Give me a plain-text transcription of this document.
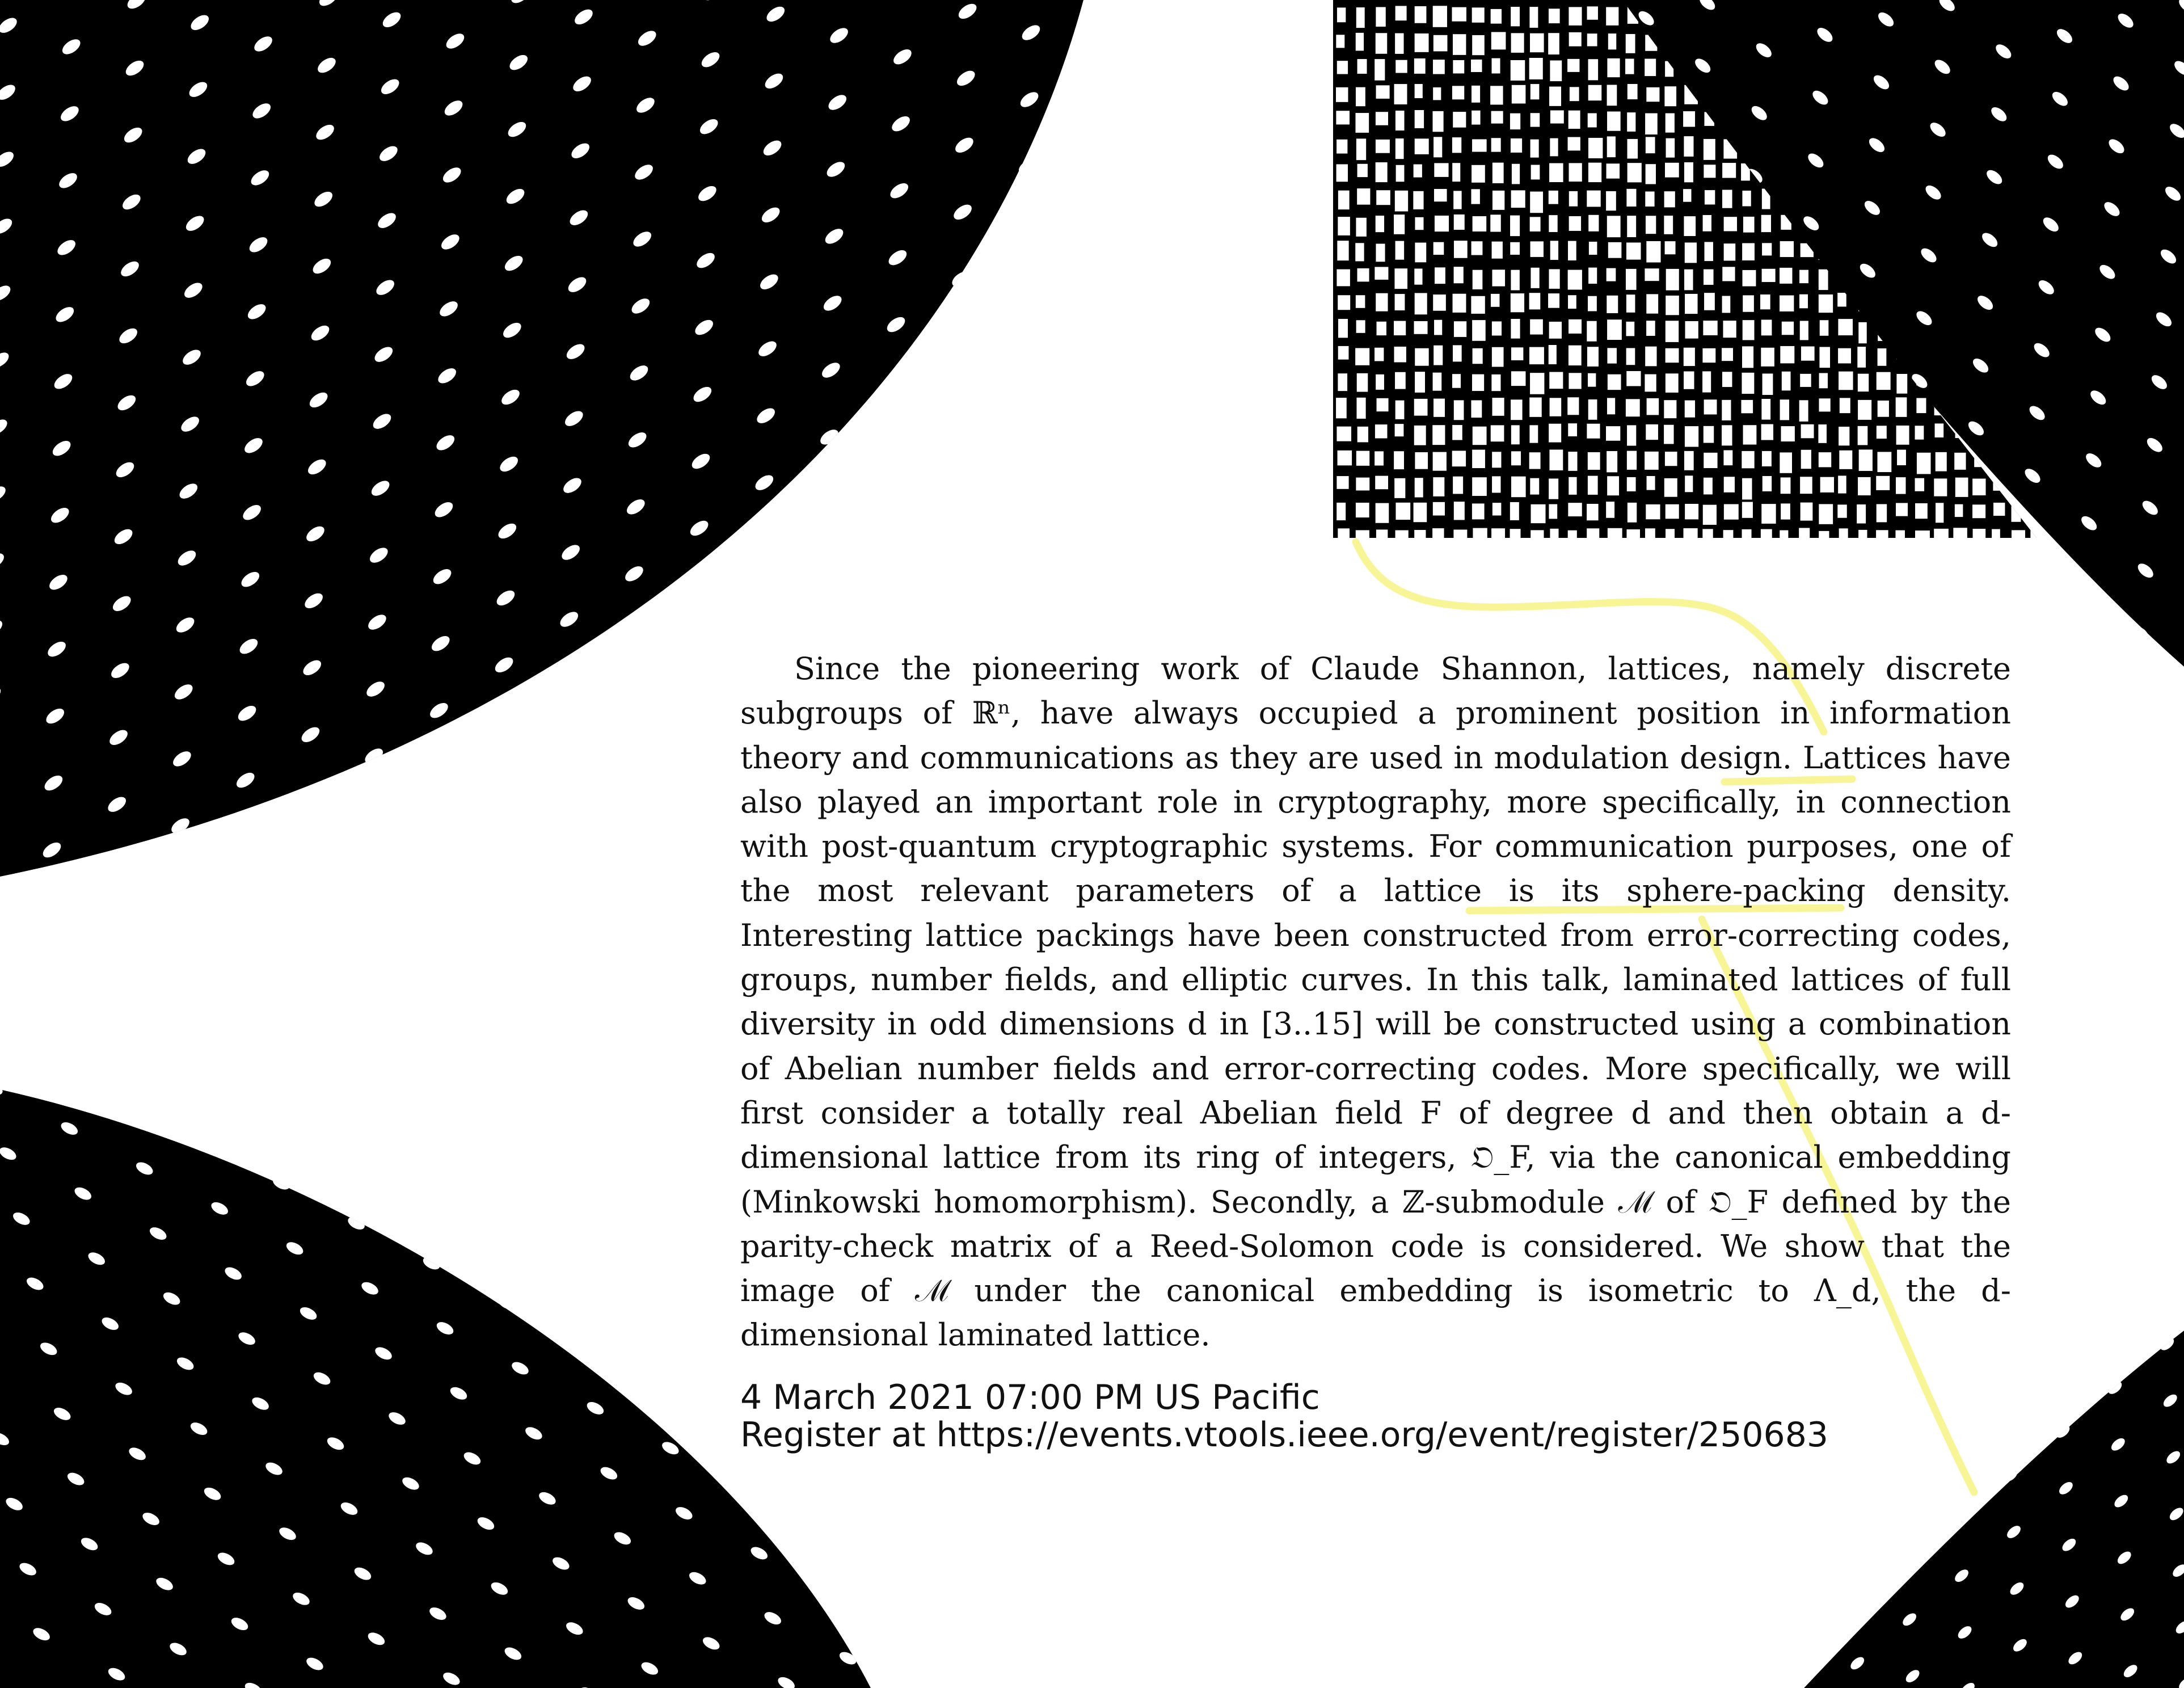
Since the pioneering work of Claude Shannon, lattices, namely discrete subgroups of ℝⁿ, have always occupied a prominent position in information theory and communications as they are used in modulation design. Lattices have also played an important role in cryptography, more specifically, in connection with post-quantum cryptographic systems. For communication purposes, one of the most relevant parameters of a lattice is its sphere-packing density. Interesting lattice packings have been constructed from error-correcting codes, groups, number fields, and elliptic curves. In this talk, laminated lattices of full diversity in odd dimensions d in [3..15] will be constructed using a combination of Abelian number fields and error-correcting codes. More specifically, we will first consider a totally real Abelian field F of degree d and then obtain a d-dimensional lattice from its ring of integers, 𝔒_F, via the canonical embedding (Minkowski homomorphism). Secondly, a ℤ-submodule ℳ of 𝔒_F defined by the parity-check matrix of a Reed-Solomon code is considered. We show that the image of ℳ under the canonical embedding is isometric to Λ_d, the d-dimensional laminated lattice.

4 March 2021 07:00 PM US Pacific
Register at https://events.vtools.ieee.org/event/register/250683
